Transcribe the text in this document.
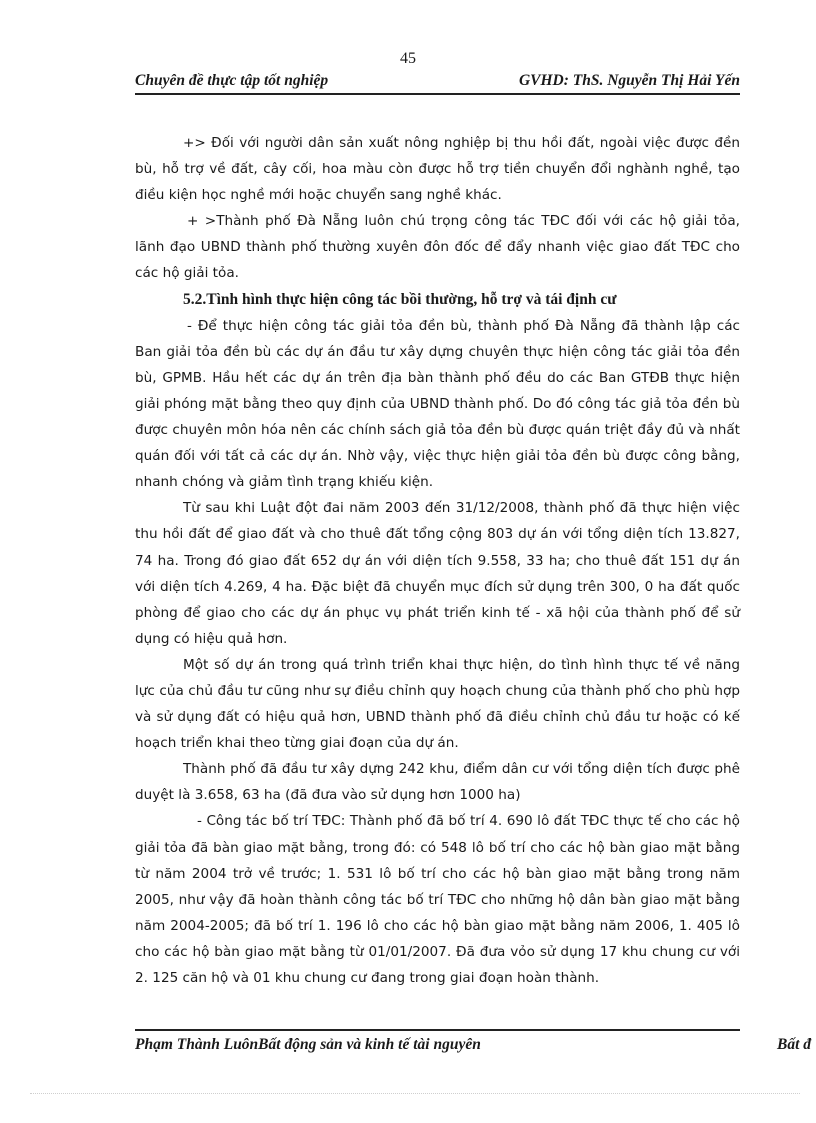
45
Chuyên đề thực tập tốt nghiệp	GVHD: ThS. Nguyễn Thị Hải Yến

+> Đối với người dân sản xuất nông nghiệp bị thu hồi đất, ngoài việc được đền bù, hỗ trợ về đất, cây cối, hoa màu còn được hỗ trợ tiền chuyển đổi nghành nghề, tạo điều kiện học nghề mới hoặc chuyển sang nghề khác.

+ >Thành phố Đà Nẵng luôn chú trọng công tác TĐC đối với các hộ giải tỏa, lãnh đạo UBND thành phố thường xuyên đôn đốc để đẩy nhanh việc giao đất TĐC cho các hộ giải tỏa.

5.2.Tình hình thực hiện công tác bồi thường, hỗ trợ và tái định cư

- Để thực hiện công tác giải tỏa đền bù, thành phố Đà Nẵng đã thành lập các Ban giải tỏa đền bù các dự án đầu tư xây dựng chuyên thực hiện công tác giải tỏa đền bù, GPMB. Hầu hết các dự án trên địa bàn thành phố đều do các Ban GTĐB thực hiện giải phóng mặt bằng theo quy định của UBND thành phố. Do đó công tác giả tỏa đền bù được chuyên môn hóa nên các chính sách giả tỏa đền bù được quán triệt đầy đủ và nhất quán đối với tất cả các dự án. Nhờ vậy, việc thực hiện giải tỏa đền bù được công bằng, nhanh chóng và giảm tình trạng khiếu kiện.

Từ sau khi Luật đột đai năm 2003 đến 31/12/2008, thành phố đã thực hiện việc thu hồi đất để giao đất và cho thuê đất tổng cộng 803 dự án với tổng diện tích 13.827, 74 ha. Trong đó giao đất 652 dự án với diện tích 9.558, 33 ha; cho thuê đất 151 dự án với diện tích 4.269, 4 ha. Đặc biệt đã chuyển mục đích sử dụng trên 300, 0 ha đất quốc phòng để giao cho các dự án phục vụ phát triển kinh tế - xã hội của thành phố để sử dụng có hiệu quả hơn.

Một số dự án trong quá trình triển khai thực hiện, do tình hình thực tế về năng lực của chủ đầu tư cũng như sự điều chỉnh quy hoạch chung của thành phố cho phù hợp và sử dụng đất có hiệu quả hơn, UBND thành phố đã điều chỉnh chủ đầu tư hoặc có kế hoạch triển khai theo từng giai đoạn của dự án.

Thành phố đã đầu tư xây dựng 242 khu, điểm dân cư với tổng diện tích được phê duyệt là 3.658, 63 ha (đã đưa vào sử dụng hơn 1000 ha)

- Công tác bố trí TĐC: Thành phố đã bố trí 4. 690 lô đất TĐC thực tế cho các hộ giải tỏa đã bàn giao mặt bằng, trong đó: có 548 lô bố trí cho các hộ bàn giao mặt bằng từ năm 2004 trở về trước; 1. 531 lô bố trí cho các hộ bàn giao mặt bằng trong năm 2005, như vậy đã hoàn thành công tác bố trí TĐC cho những hộ dân bàn giao mặt bằng năm 2004-2005; đã bố trí 1. 196 lô cho các hộ bàn giao mặt bằng năm 2006, 1. 405 lô cho các hộ bàn giao mặt bằng từ 01/01/2007. Đã đưa vỏo sử dụng 17 khu chung cư với 2. 125 căn hộ và 01 khu chung cư đang trong giai đoạn hoàn thành.

Phạm Thành LuônBất động sản và kinh tế tài nguyên	Bất đ
